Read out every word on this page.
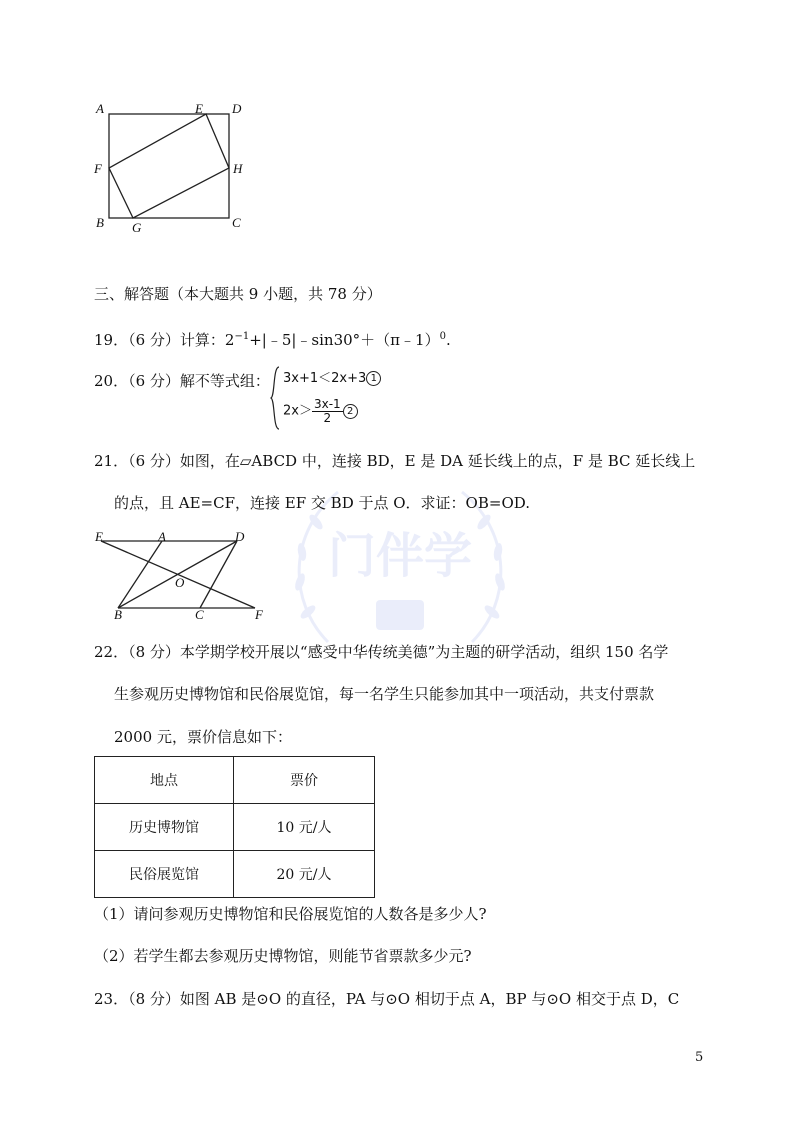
门伴学
A	E D
F	H
B G	C
三、解答题（本大题共 9 小题，共 78 分）
19．（6 分）计算：$2^{-1}+|﹣5|﹣\sin 30^\circ+(\pi﹣1)^0$.
20．（6 分）解不等式组： 3x+1＜2x+3 1
$2x> \frac{3x-1}{2} 2$
21．（6 分）如图，在▱ABCD 中，连接 BD，E 是 DA 延长线上的点，F 是 BC 延长线上
的点，且 AE=CF，连接 EF 交 BD 于点 O．求证：OB=OD.
E	A	D
O
B	C	F
22．（8 分）本学期学校开展以“感受中华传统美德”为主题的研学活动，组织 150 名学
生参观历史博物馆和民俗展览馆，每一名学生只能参加其中一项活动，共支付票款
2000 元，票价信息如下：
地点	票价
历史博物馆	10 元/人
民俗展览馆	20 元/人
（1）请问参观历史博物馆和民俗展览馆的人数各是多少人?
（2）若学生都去参观历史博物馆，则能节省票款多少元?
23．（8 分）如图 AB 是⊙O 的直径，PA 与⊙O 相切于点 A，BP 与⊙O 相交于点 D，C
5
